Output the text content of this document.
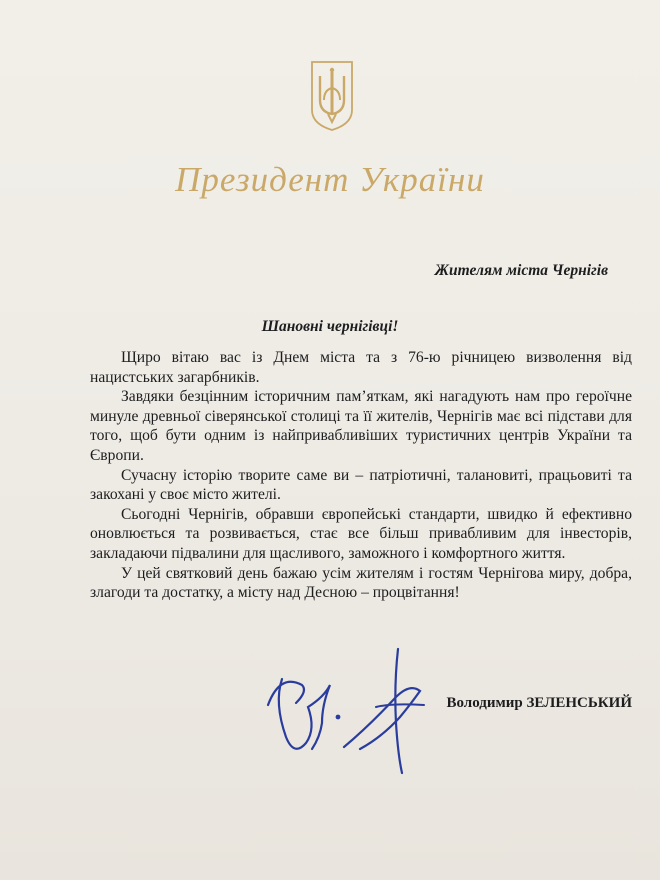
Президент України
Жителям міста Чернігів
Шановні чернігівці!

Щиро вітаю вас із Днем міста та з 76-ю річницею визволення від нацистських загарбників.

Завдяки безцінним історичним пам’яткам, які нагадують нам про героїчне минуле древньої сіверянської столиці та її жителів, Чернігів має всі підстави для того, щоб бути одним із найпривабливіших туристичних центрів України та Європи.

Сучасну історію творите саме ви – патріотичні, талановиті, працьовиті та закохані у своє місто жителі.

Сьогодні Чернігів, обравши європейські стандарти, швидко й ефективно оновлюється та розвивається, стає все більш привабливим для інвесторів, закладаючи підвалини для щасливого, заможного і комфортного життя.

У цей святковий день бажаю усім жителям і гостям Чернігова миру, добра, злагоди та достатку, а місту над Десною – процвітання!

Володимир ЗЕЛЕНСЬКИЙ
